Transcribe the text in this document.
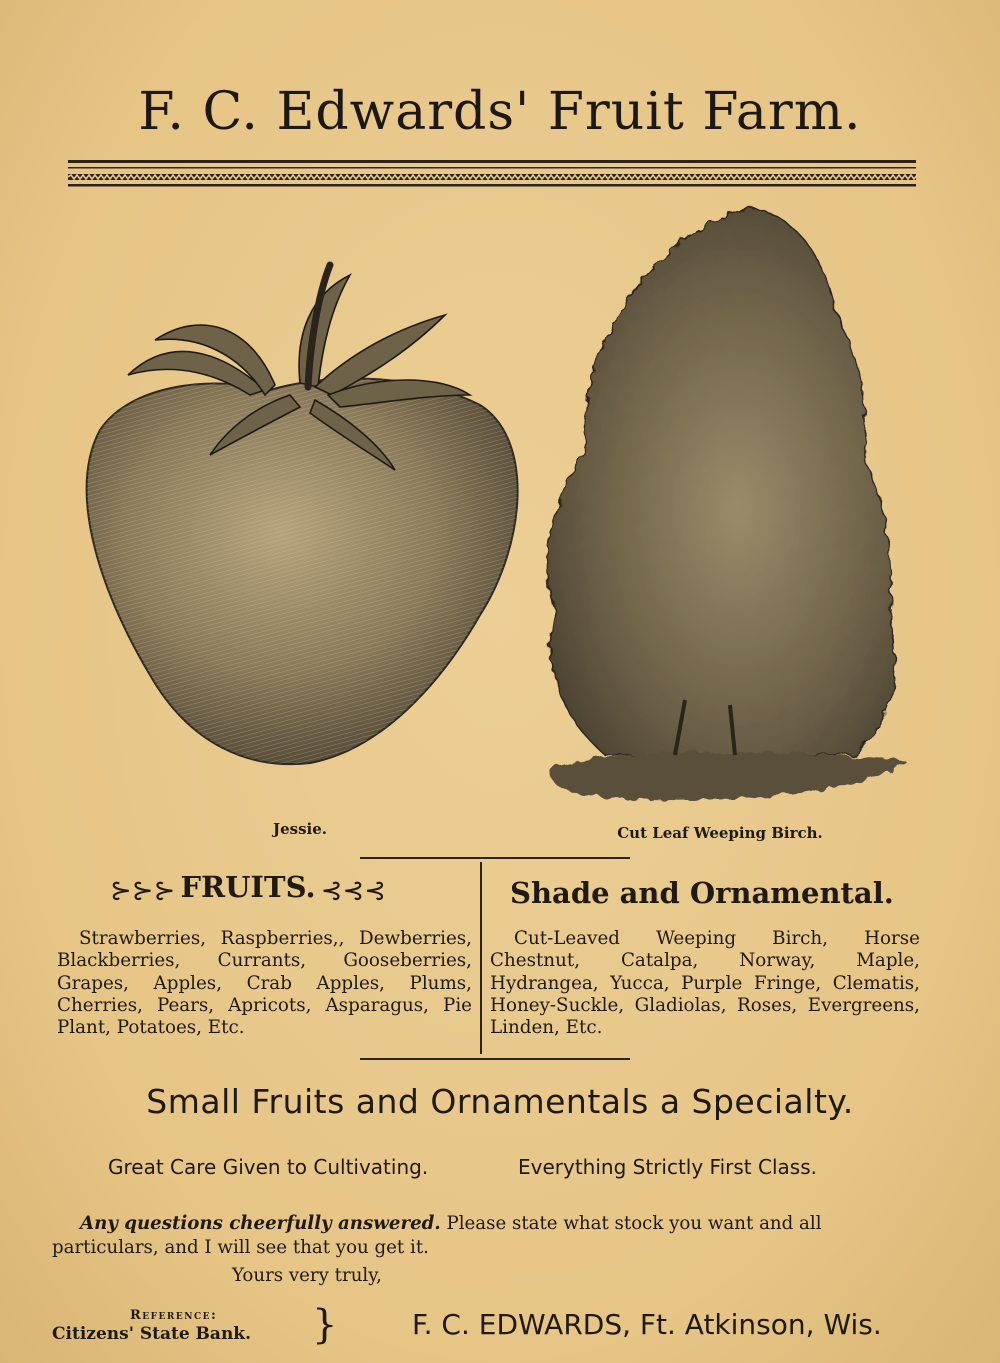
F. C. Edwards' Fruit Farm.
Jessie.	Cut Leaf Weeping Birch.
⊱⊱⊱ FRUITS. ⊰⊰⊰
Strawberries, Raspberries,, Dewberries, Blackberries, Currants, Gooseberries, Grapes, Apples, Crab Apples, Plums, Cherries, Pears, Apricots, Asparagus, Pie Plant, Potatoes, Etc.
Shade and Ornamental.
Cut-Leaved Weeping Birch, Horse Chestnut, Catalpa, Norway, Maple, Hydrangea, Yucca, Purple Fringe, Clematis, Honey-Suckle, Gladiolas, Roses, Evergreens, Linden, Etc.
Small Fruits and Ornamentals a Specialty.
Great Care Given to Cultivating.	Everything Strictly First Class.
Any questions cheerfully answered. Please state what stock you want and all particulars, and I will see that you get it.
Yours very truly,
Reference:
Citizens' State Bank. }	F. C. EDWARDS, Ft. Atkinson, Wis.
